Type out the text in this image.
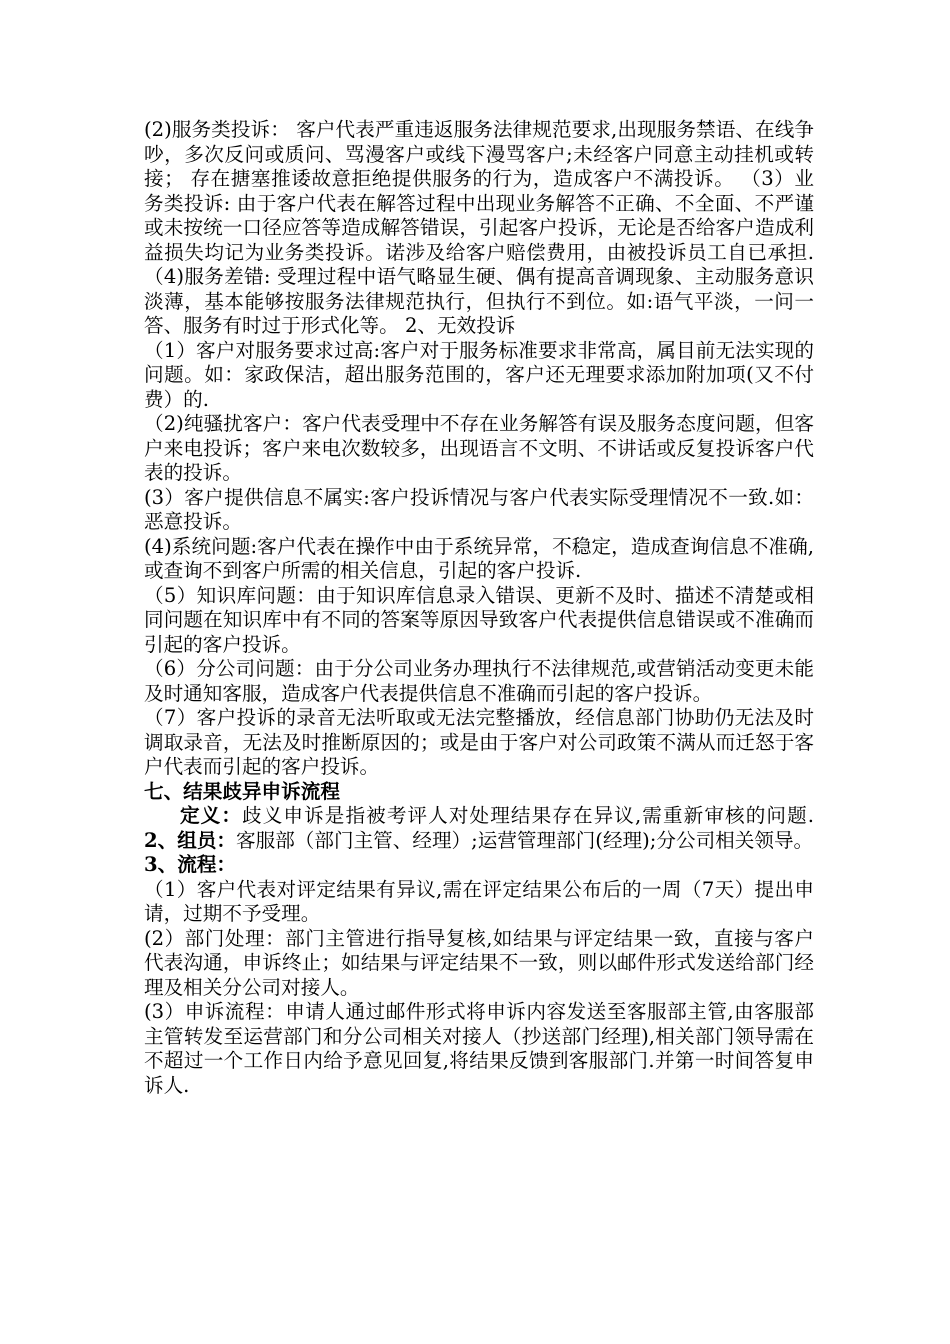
(2)服务类投诉： 客户代表严重违返服务法律规范要求,出现服务禁语、在线争吵，多次反问或质问、骂漫客户或线下漫骂客户;未经客户同意主动挂机或转接； 存在搪塞推诿故意拒绝提供服务的行为，造成客户不满投诉。 （3）业务类投诉: 由于客户代表在解答过程中出现业务解答不正确、不全面、不严谨或未按统一口径应答等造成解答错误，引起客户投诉，无论是否给客户造成利益损失均记为业务类投诉。诺涉及给客户赔偿费用，由被投诉员工自已承担.（4)服务差错: 受理过程中语气略显生硬、偶有提高音调现象、主动服务意识淡薄，基本能够按服务法律规范执行，但执行不到位。如:语气平淡，一问一答、服务有时过于形式化等。 2、无效投诉

（1）客户对服务要求过高:客户对于服务标准要求非常高，属目前无法实现的问题。如：家政保洁，超出服务范围的，客户还无理要求添加附加项(又不付费）的.

（2)纯骚扰客户：客户代表受理中不存在业务解答有误及服务态度问题，但客户来电投诉；客户来电次数较多，出现语言不文明、不讲话或反复投诉客户代表的投诉。

(3）客户提供信息不属实:客户投诉情况与客户代表实际受理情况不一致.如：恶意投诉。

(4)系统问题:客户代表在操作中由于系统异常，不稳定，造成查询信息不准确,或查询不到客户所需的相关信息，引起的客户投诉.

（5）知识库问题：由于知识库信息录入错误、更新不及时、描述不清楚或相同问题在知识库中有不同的答案等原因导致客户代表提供信息错误或不准确而引起的客户投诉。

（6）分公司问题：由于分公司业务办理执行不法律规范,或营销活动变更未能及时通知客服，造成客户代表提供信息不准确而引起的客户投诉。

（7）客户投诉的录音无法听取或无法完整播放，经信息部门协助仍无法及时调取录音，无法及时推断原因的；或是由于客户对公司政策不满从而迁怒于客户代表而引起的客户投诉。

七、结果歧异申诉流程

定义：歧义申诉是指被考评人对处理结果存在异议,需重新审核的问题. 2、组员：客服部（部门主管、经理）;运营管理部门(经理);分公司相关领导。

3、流程：

（1）客户代表对评定结果有异议,需在评定结果公布后的一周（7天）提出申请，过期不予受理。

(2）部门处理：部门主管进行指导复核,如结果与评定结果一致，直接与客户代表沟通，申诉终止；如结果与评定结果不一致，则以邮件形式发送给部门经理及相关分公司对接人。

(3）申诉流程：申请人通过邮件形式将申诉内容发送至客服部主管,由客服部主管转发至运营部门和分公司相关对接人（抄送部门经理),相关部门领导需在不超过一个工作日内给予意见回复,将结果反馈到客服部门.并第一时间答复申诉人.
